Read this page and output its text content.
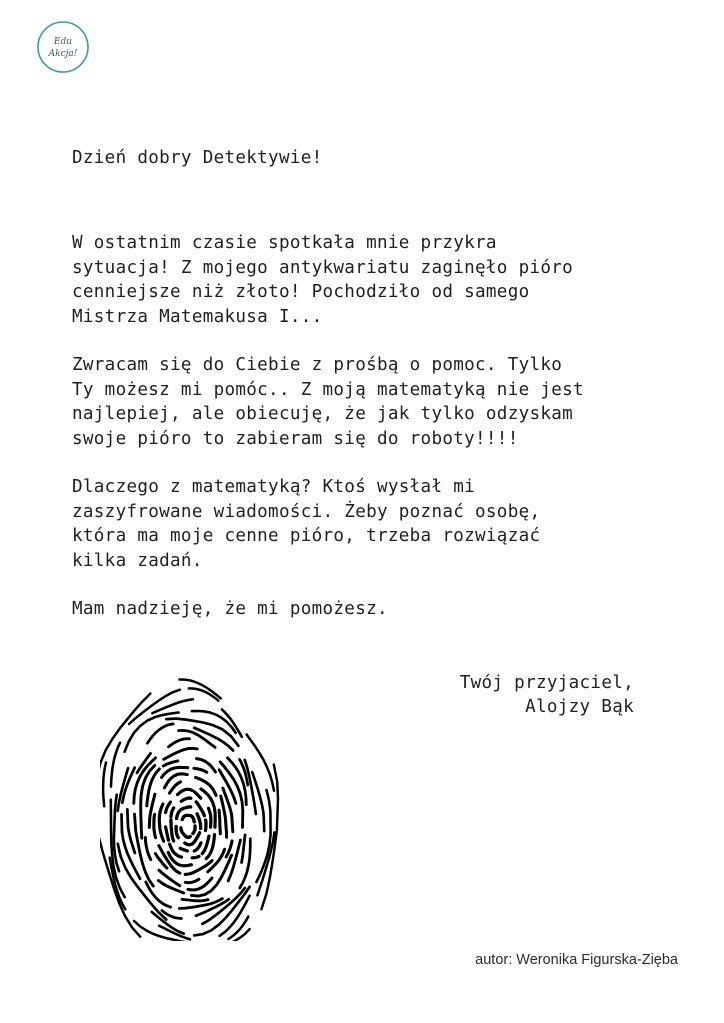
Edu
Akcja!

Dzień dobry Detektywie!

W ostatnim czasie spotkała mnie przykra

sytuacja! Z mojego antykwariatu zaginęło pióro

cenniejsze niż złoto! Pochodziło od samego

Mistrza Matemakusa I...

Zwracam się do Ciebie z prośbą o pomoc. Tylko

Ty możesz mi pomóc.. Z moją matematyką nie jest

najlepiej, ale obiecuję, że jak tylko odzyskam

swoje pióro to zabieram się do roboty!!!!

Dlaczego z matematyką? Ktoś wysłał mi

zaszyfrowane wiadomości. Żeby poznać osobę,

która ma moje cenne pióro, trzeba rozwiązać

kilka zadań.

Mam nadzieję, że mi pomożesz.

Twój przyjaciel,
Alojzy Bąk
autor: Weronika Figurska-Zięba
